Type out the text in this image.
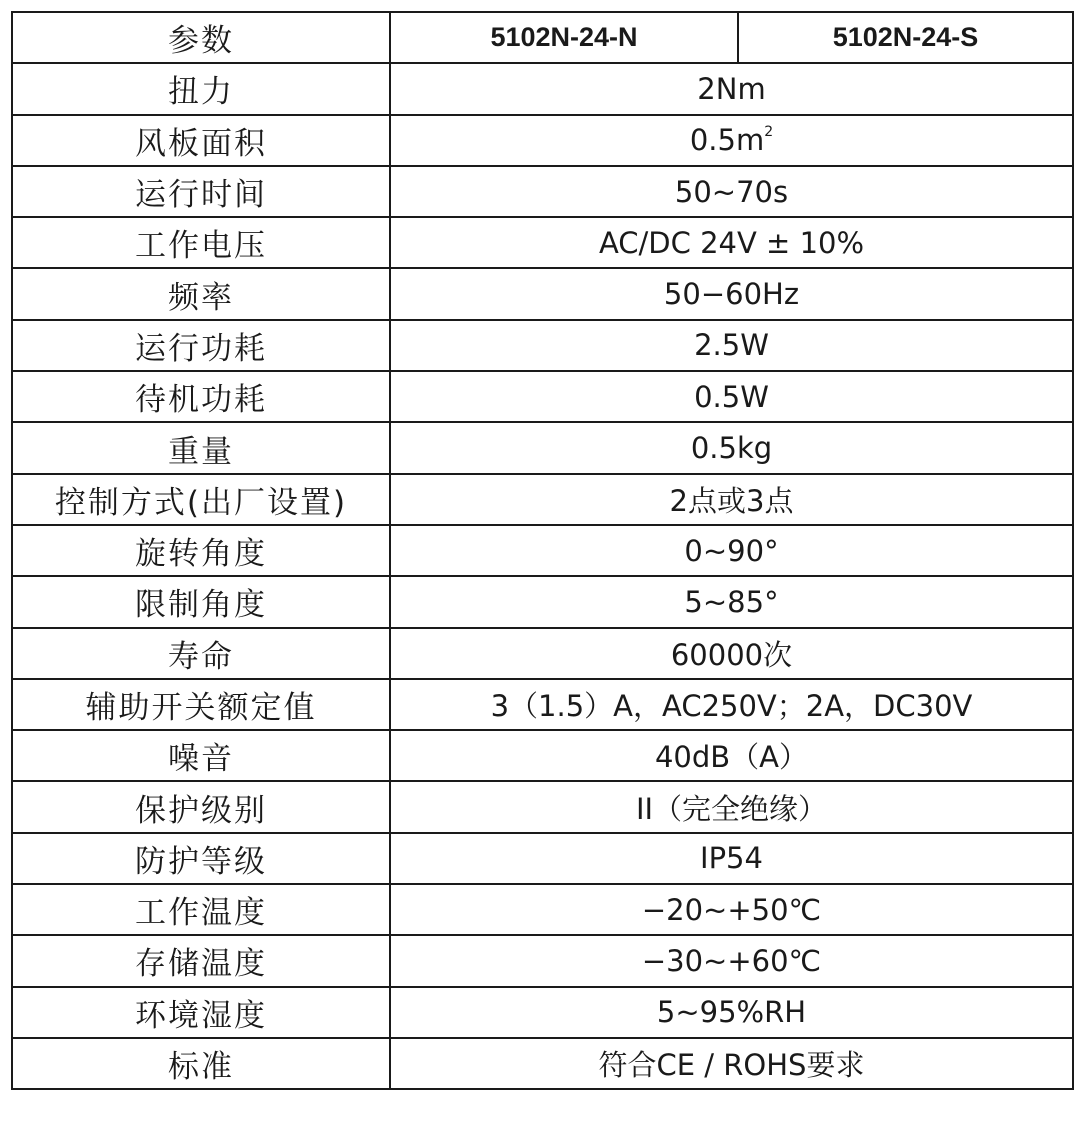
参数	5102N-24-N	5102N-24-S
扭力	2Nm	
风板面积	$0.5m^2$
运行时间	50~70s	
工作电压	AC/DC 24V ± 10%	
频率	50−60Hz	
运行功耗	2.5W	
待机功耗	0.5W	
重量	0.5kg	
控制方式(出厂设置)	2点或3点	
旋转角度	0~90°	
限制角度	5~85°	
寿命	60000次	
辅助开关额定值	3（1.5）A，AC250V；2A，DC30V	
噪音	40dB（A）	
保护级别	II（完全绝缘）	
防护等级	IP54	
工作温度	−20~+50℃	
存储温度	−30~+60℃	
环境湿度	5~95%RH	
标准	符合CE / ROHS要求	
